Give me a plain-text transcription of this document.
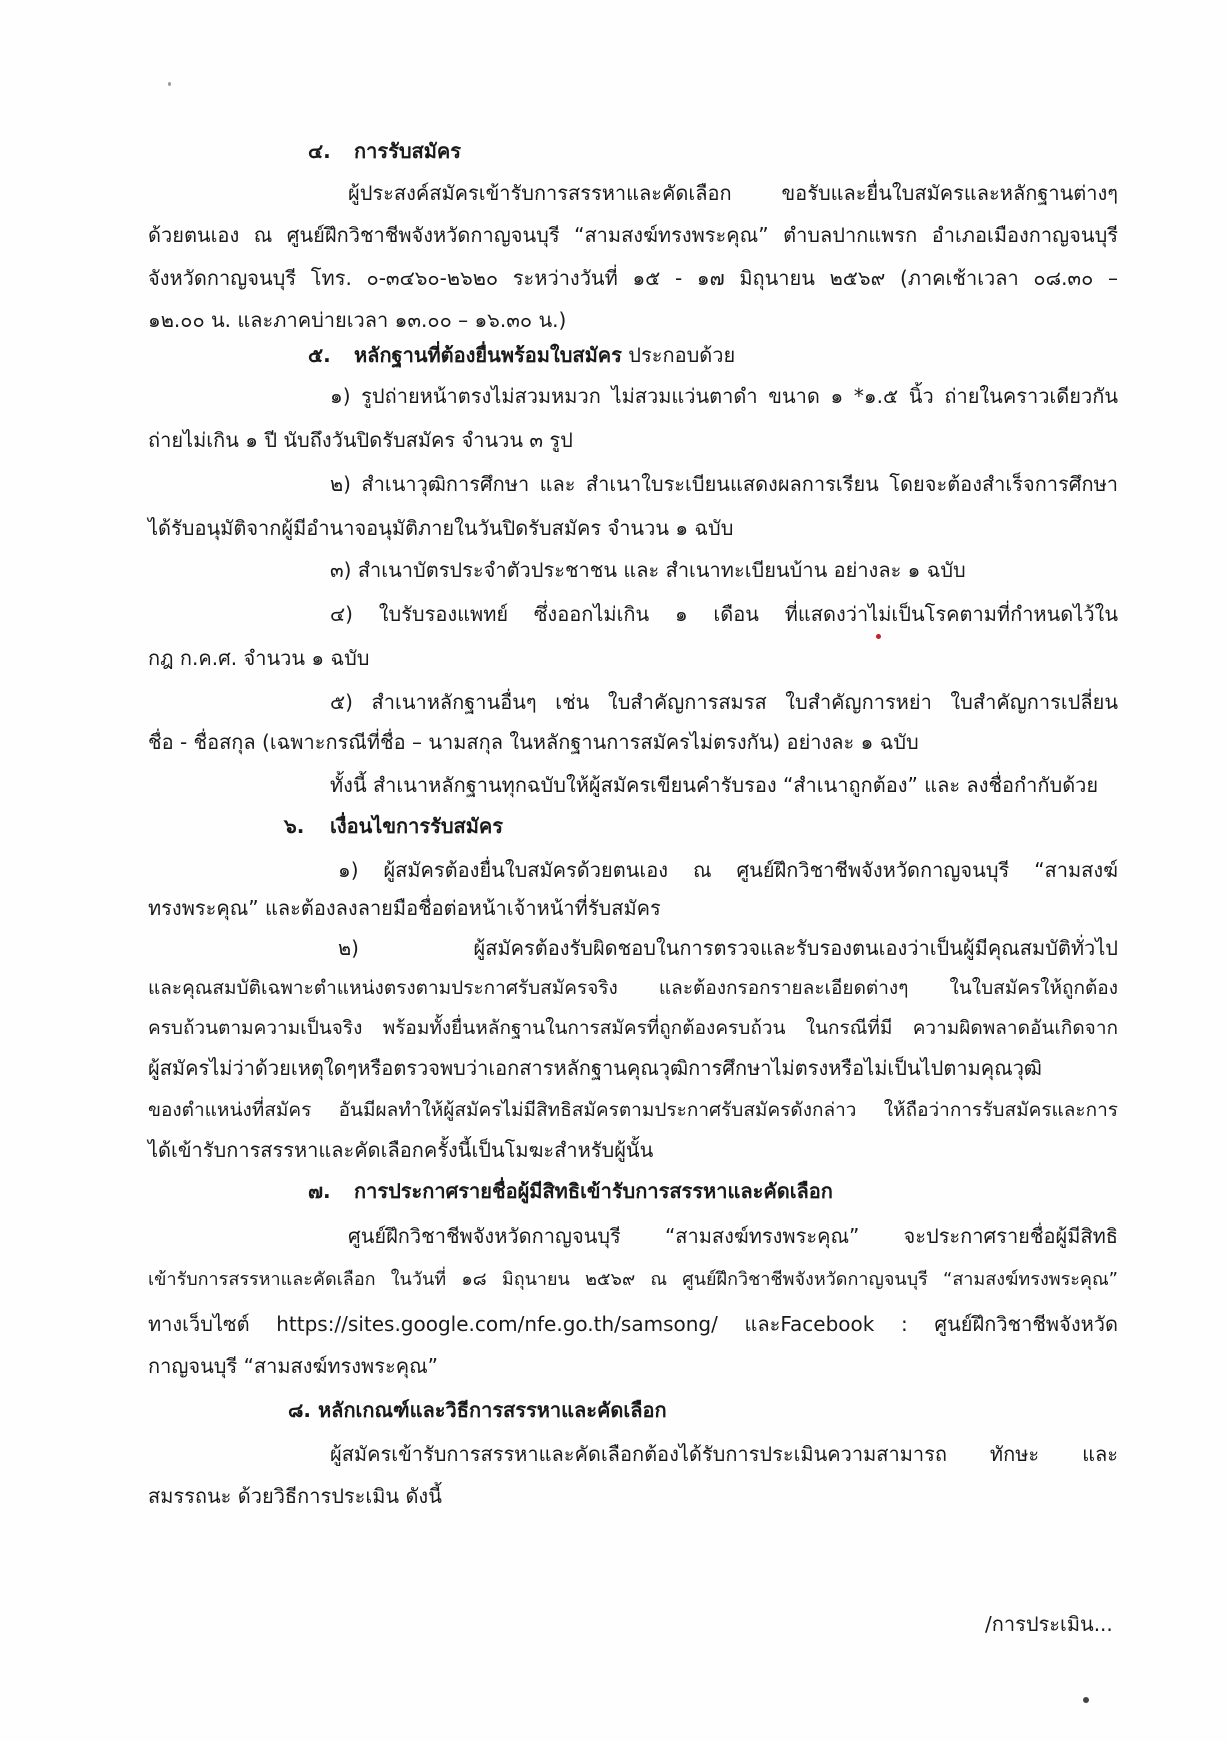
๔. การรับสมัคร
ผู้ประสงค์สมัครเข้ารับการสรรหาและคัดเลือก ขอรับและยื่นใบสมัครและหลักฐานต่างๆ
ด้วยตนเอง ณ ศูนย์ฝึกวิชาชีพจังหวัดกาญจนบุรี “สามสงฆ์ทรงพระคุณ” ตำบลปากแพรก อำเภอเมืองกาญจนบุรี
จังหวัดกาญจนบุรี โทร. ๐-๓๔๖๐-๒๖๒๐ ระหว่างวันที่ ๑๕ - ๑๗ มิถุนายน ๒๕๖๙ (ภาคเช้าเวลา ๐๘.๓๐ –
๑๒.๐๐ น. และภาคบ่ายเวลา ๑๓.๐๐ – ๑๖.๓๐ น.)
๕. หลักฐานที่ต้องยื่นพร้อมใบสมัคร ประกอบด้วย
๑) รูปถ่ายหน้าตรงไม่สวมหมวก ไม่สวมแว่นตาดำ ขนาด ๑ *๑.๕ นิ้ว ถ่ายในคราวเดียวกัน
ถ่ายไม่เกิน ๑ ปี นับถึงวันปิดรับสมัคร จำนวน ๓ รูป
๒) สำเนาวุฒิการศึกษา และ สำเนาใบระเบียนแสดงผลการเรียน โดยจะต้องสำเร็จการศึกษา
ได้รับอนุมัติจากผู้มีอำนาจอนุมัติภายในวันปิดรับสมัคร จำนวน ๑ ฉบับ
๓) สำเนาบัตรประจำตัวประชาชน และ สำเนาทะเบียนบ้าน อย่างละ ๑ ฉบับ
๔) ใบรับรองแพทย์ ซึ่งออกไม่เกิน ๑ เดือน ที่แสดงว่าไม่เป็นโรคตามที่กำหนดไว้ใน
กฎ ก.ค.ศ. จำนวน ๑ ฉบับ
๕) สำเนาหลักฐานอื่นๆ เช่น ใบสำคัญการสมรส ใบสำคัญการหย่า ใบสำคัญการเปลี่ยน
ชื่อ - ชื่อสกุล (เฉพาะกรณีที่ชื่อ – นามสกุล ในหลักฐานการสมัครไม่ตรงกัน) อย่างละ ๑ ฉบับ
ทั้งนี้ สำเนาหลักฐานทุกฉบับให้ผู้สมัครเขียนคำรับรอง “สำเนาถูกต้อง” และ ลงชื่อกำกับด้วย
๖. เงื่อนไขการรับสมัคร
๑) ผู้สมัครต้องยื่นใบสมัครด้วยตนเอง ณ ศูนย์ฝึกวิชาชีพจังหวัดกาญจนบุรี “สามสงฆ์
ทรงพระคุณ” และต้องลงลายมือชื่อต่อหน้าเจ้าหน้าที่รับสมัคร
๒) ผู้สมัครต้องรับผิดชอบในการตรวจและรับรองตนเองว่าเป็นผู้มีคุณสมบัติทั่วไป
และคุณสมบัติเฉพาะตำแหน่งตรงตามประกาศรับสมัครจริง และต้องกรอกรายละเอียดต่างๆ ในใบสมัครให้ถูกต้อง
ครบถ้วนตามความเป็นจริง พร้อมทั้งยื่นหลักฐานในการสมัครที่ถูกต้องครบถ้วน ในกรณีที่มี ความผิดพลาดอันเกิดจาก
ผู้สมัครไม่ว่าด้วยเหตุใดๆหรือตรวจพบว่าเอกสารหลักฐานคุณวุฒิการศึกษาไม่ตรงหรือไม่เป็นไปตามคุณวุฒิ
ของตำแหน่งที่สมัคร อันมีผลทำให้ผู้สมัครไม่มีสิทธิสมัครตามประกาศรับสมัครดังกล่าว ให้ถือว่าการรับสมัครและการ
ได้เข้ารับการสรรหาและคัดเลือกครั้งนี้เป็นโมฆะสำหรับผู้นั้น
๗. การประกาศรายชื่อผู้มีสิทธิเข้ารับการสรรหาและคัดเลือก
ศูนย์ฝึกวิชาชีพจังหวัดกาญจนบุรี “สามสงฆ์ทรงพระคุณ” จะประกาศรายชื่อผู้มีสิทธิ
เข้ารับการสรรหาและคัดเลือก ในวันที่ ๑๘ มิถุนายน ๒๕๖๙ ณ ศูนย์ฝึกวิชาชีพจังหวัดกาญจนบุรี “สามสงฆ์ทรงพระคุณ”
ทางเว็บไซต์ https://sites.google.com/nfe.go.th/samsong/ และFacebook : ศูนย์ฝึกวิชาชีพจังหวัด
กาญจนบุรี “สามสงฆ์ทรงพระคุณ”
๘. หลักเกณฑ์และวิธีการสรรหาและคัดเลือก
ผู้สมัครเข้ารับการสรรหาและคัดเลือกต้องได้รับการประเมินความสามารถ ทักษะ และ
สมรรถนะ ด้วยวิธีการประเมิน ดังนี้
/การประเมิน...
